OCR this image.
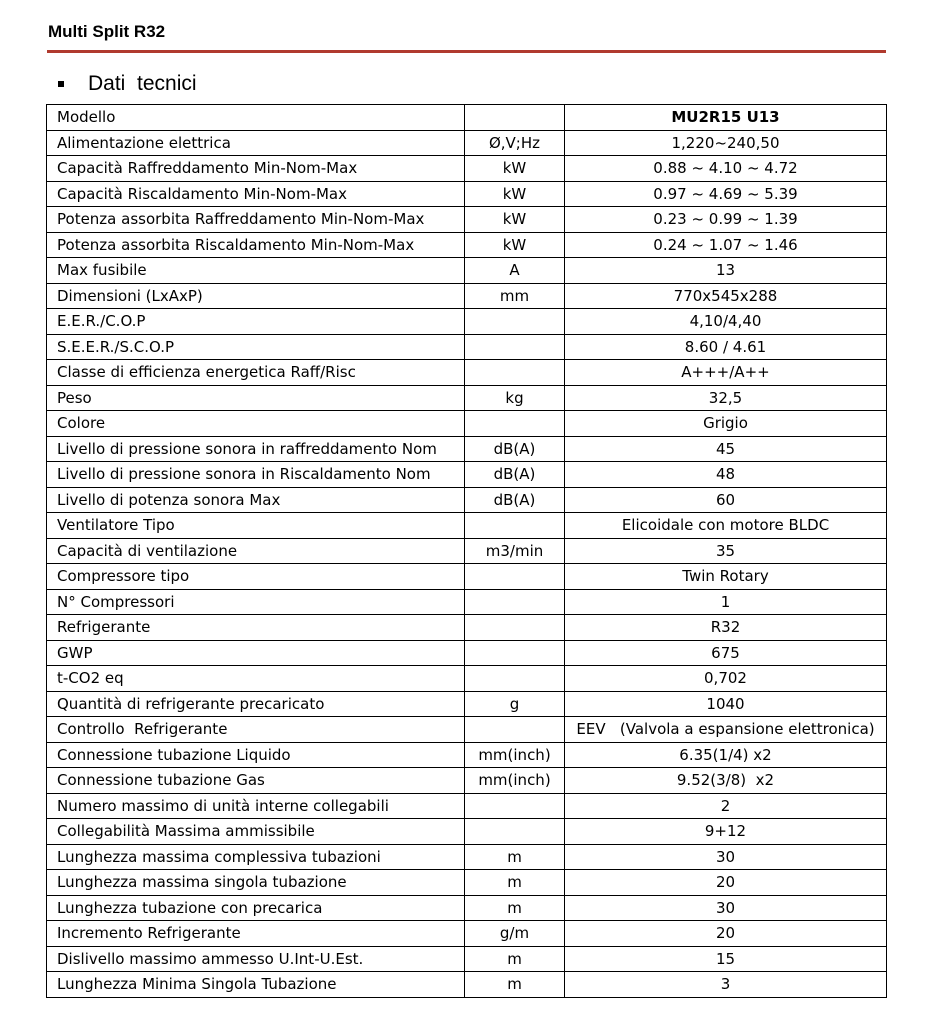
Multi Split R32
Dati  tecnici
Modello		MU2R15 U13
Alimentazione elettrica	Ø,V;Hz	1,220~240,50
Capacità Raffreddamento Min-Nom-Max	kW	0.88 ~ 4.10 ~ 4.72
Capacità Riscaldamento Min-Nom-Max	kW	0.97 ~ 4.69 ~ 5.39
Potenza assorbita Raffreddamento Min-Nom-Max	kW	0.23 ~ 0.99 ~ 1.39
Potenza assorbita Riscaldamento Min-Nom-Max	kW	0.24 ~ 1.07 ~ 1.46
Max fusibile	A	13
Dimensioni (LxAxP)	mm	770x545x288
E.E.R./C.O.P		4,10/4,40
S.E.E.R./S.C.O.P		8.60 / 4.61
Classe di efficienza energetica Raff/Risc		A+++/A++
Peso	kg	32,5
Colore		Grigio
Livello di pressione sonora in raffreddamento Nom	dB(A)	45
Livello di pressione sonora in Riscaldamento Nom	dB(A)	48
Livello di potenza sonora Max	dB(A)	60
Ventilatore Tipo		Elicoidale con motore BLDC
Capacità di ventilazione	m3/min	35
Compressore tipo		Twin Rotary
N° Compressori		1
Refrigerante		R32
GWP		675
t-CO2 eq		0,702
Quantità di refrigerante precaricato	g	1040
Controllo  Refrigerante		EEV   (Valvola a espansione elettronica)
Connessione tubazione Liquido	mm(inch)	6.35(1/4) x2
Connessione tubazione Gas	mm(inch)	9.52(3/8)  x2
Numero massimo di unità interne collegabili		2
Collegabilità Massima ammissibile		9+12
Lunghezza massima complessiva tubazioni	m	30
Lunghezza massima singola tubazione	m	20
Lunghezza tubazione con precarica	m	30
Incremento Refrigerante	g/m	20
Dislivello massimo ammesso U.Int-U.Est.	m	15
Lunghezza Minima Singola Tubazione	m	3
